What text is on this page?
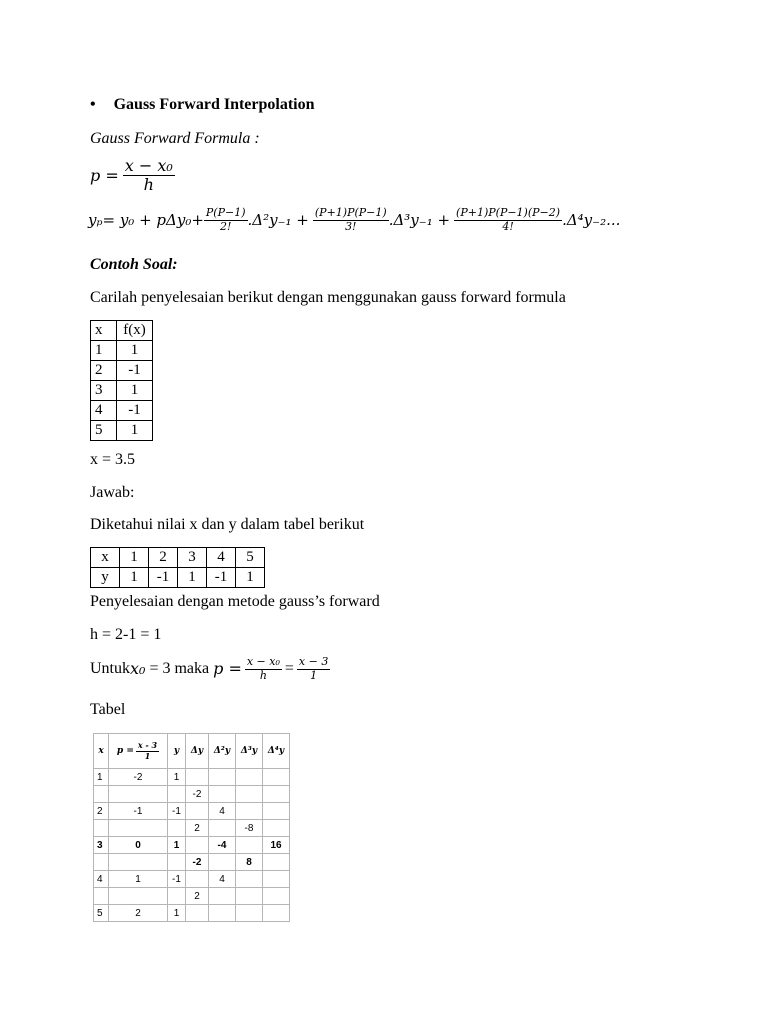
• Gauss Forward Interpolation
Gauss Forward Formula :
$p = \frac{\text{x − x₀}}{h}$
$y_p = y_0 + p\Delta y_0+ \frac{P(P-1)}{2!} .\Delta^2y_{-1} + \frac{(P+1)P(P-1)}{3!} .\Delta^3y_{-1} + \frac{(P+1)P(P-1)(P-2)}{4!} .\Delta^4y_{-2}$...
Contoh Soal:
Carilah penyelesaian berikut dengan menggunakan gauss forward formula
x	f(x)
1	1
2	-1
3	1
4	-1
5	1
x = 3.5
Jawab:
Diketahui nilai x dan y dalam tabel berikut
x	1	2	3	4	5
y	1	-1	1	-1	1
Penyelesaian dengan metode gauss’s forward
h = 2-1 = 1
Untuk x₀ = 3 maka $p = \frac{\text{x − x₀}}{h} = \frac{x - 3}{1}$
Tabel
x	$p = \frac{x - 3}{1}$	y	Δy	Δ²y	Δ³y	Δ⁴y
1	-2	1				
			-2			
2	-1	-1		4		
			2		-8	
3	0	1		-4		16
			-2		8	
4	1	-1		4		
			2			
5	2	1				
